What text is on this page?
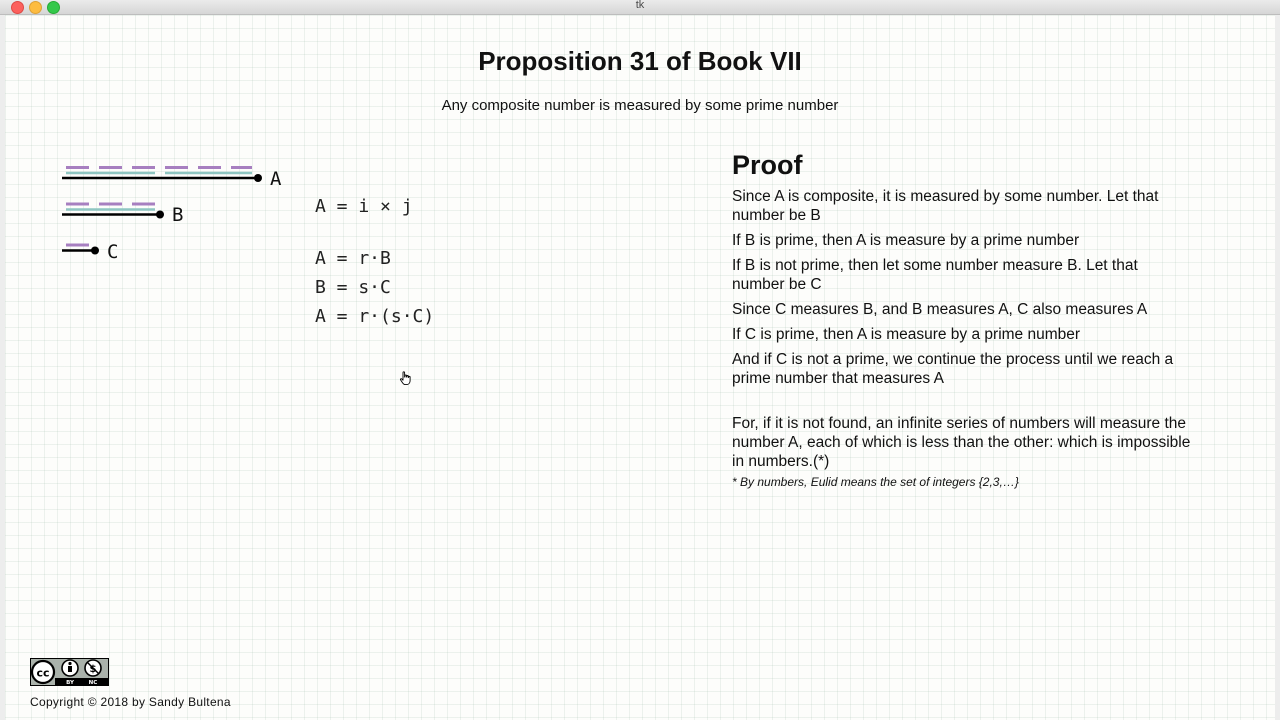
tk
Proposition 31 of Book VII
Any composite number is measured by some prime number
A
B
C
A = i × j
A = r·B
B = s·C
A = r·(s·C)
Proof
Since A is composite, it is measured by some number. Let that number be B
If B is prime, then A is measure by a prime number
If B is not prime, then let some number measure B. Let that number be C
Since C measures B, and B measures A, C also measures A
If C is prime, then A is measure by a prime number
And if C is not a prime, we continue the process until we reach a prime number that measures A
For, if it is not found, an infinite series of numbers will measure the number A, each of which is less than the other: which is impossible in numbers.(*)
* By numbers, Eulid means the set of integers {2,3,…}
cc	$
BY	NC
Copyright © 2018 by Sandy Bultena
